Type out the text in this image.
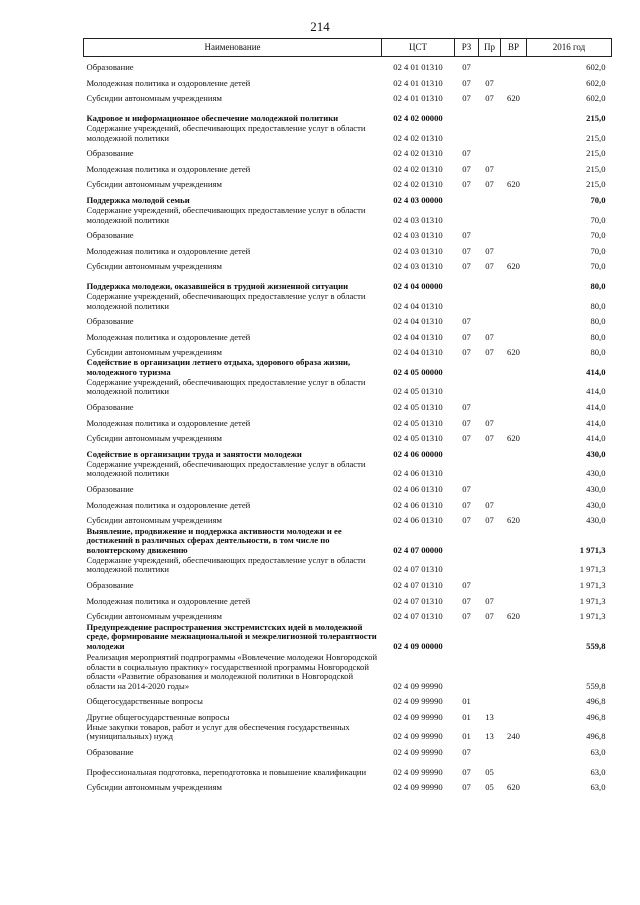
214
Наименование	ЦСТ	РЗ	Пр	ВР	2016 год
Образование	02 4 01 01310	07			602,0
Молодежная политика и оздоровление детей	02 4 01 01310	07	07		602,0
Субсидии автономным учреждениям	02 4 01 01310	07	07	620	602,0
Кадровое и информационное обеспечение молодежной политики	02 4 02 00000				215,0
Содержание учреждений, обеспечивающих предоставление услуг в области молодежной политики	02 4 02 01310				215,0
Образование	02 4 02 01310	07			215,0
Молодежная политика и оздоровление детей	02 4 02 01310	07	07		215,0
Субсидии автономным учреждениям	02 4 02 01310	07	07	620	215,0
Поддержка молодой семьи	02 4 03 00000				70,0
Содержание учреждений, обеспечивающих предоставление услуг в области молодежной политики	02 4 03 01310				70,0
Образование	02 4 03 01310	07			70,0
Молодежная политика и оздоровление детей	02 4 03 01310	07	07		70,0
Субсидии автономным учреждениям	02 4 03 01310	07	07	620	70,0
Поддержка молодежи, оказавшейся в трудной жизненной ситуации	02 4 04 00000				80,0
Содержание учреждений, обеспечивающих предоставление услуг в области молодежной политики	02 4 04 01310				80,0
Образование	02 4 04 01310	07			80,0
Молодежная политика и оздоровление детей	02 4 04 01310	07	07		80,0
Субсидии автономным учреждениям	02 4 04 01310	07	07	620	80,0
Содействие в организации летнего отдыха, здорового образа жизни, молодежного туризма	02 4 05 00000				414,0
Содержание учреждений, обеспечивающих предоставление услуг в области молодежной политики	02 4 05 01310				414,0
Образование	02 4 05 01310	07			414,0
Молодежная политика и оздоровление детей	02 4 05 01310	07	07		414,0
Субсидии автономным учреждениям	02 4 05 01310	07	07	620	414,0
Содействие в организации труда и занятости молодежи	02 4 06 00000				430,0
Содержание учреждений, обеспечивающих предоставление услуг в области молодежной политики	02 4 06 01310				430,0
Образование	02 4 06 01310	07			430,0
Молодежная политика и оздоровление детей	02 4 06 01310	07	07		430,0
Субсидии автономным учреждениям	02 4 06 01310	07	07	620	430,0
Выявление, продвижение и поддержка активности молодежи и ее достижений в различных сферах деятельности, в том числе по волонтерскому движению	02 4 07 00000				1 971,3
Содержание учреждений, обеспечивающих предоставление услуг в области молодежной политики	02 4 07 01310				1 971,3
Образование	02 4 07 01310	07			1 971,3
Молодежная политика и оздоровление детей	02 4 07 01310	07	07		1 971,3
Субсидии автономным учреждениям	02 4 07 01310	07	07	620	1 971,3
Предупреждение распространения экстремистских идей в молодежной среде, формирование межнациональной и межрелигиозной толерантности молодежи	02 4 09 00000				559,8
Реализация мероприятий подпрограммы «Вовлечение молодежи Новгородской области в социальную практику» государственной программы Новгородской области «Развитие образования и молодежной политики в Новгородской области на 2014-2020 годы»	02 4 09 99990				559,8
Общегосударственные вопросы	02 4 09 99990	01			496,8
Другие общегосударственные вопросы	02 4 09 99990	01	13		496,8
Иные закупки товаров, работ и услуг для обеспечения государственных (муниципальных) нужд	02 4 09 99990	01	13	240	496,8
Образование	02 4 09 99990	07			63,0
Профессиональная подготовка, переподготовка и повышение квалификации	02 4 09 99990	07	05		63,0
Субсидии автономным учреждениям	02 4 09 99990	07	05	620	63,0
